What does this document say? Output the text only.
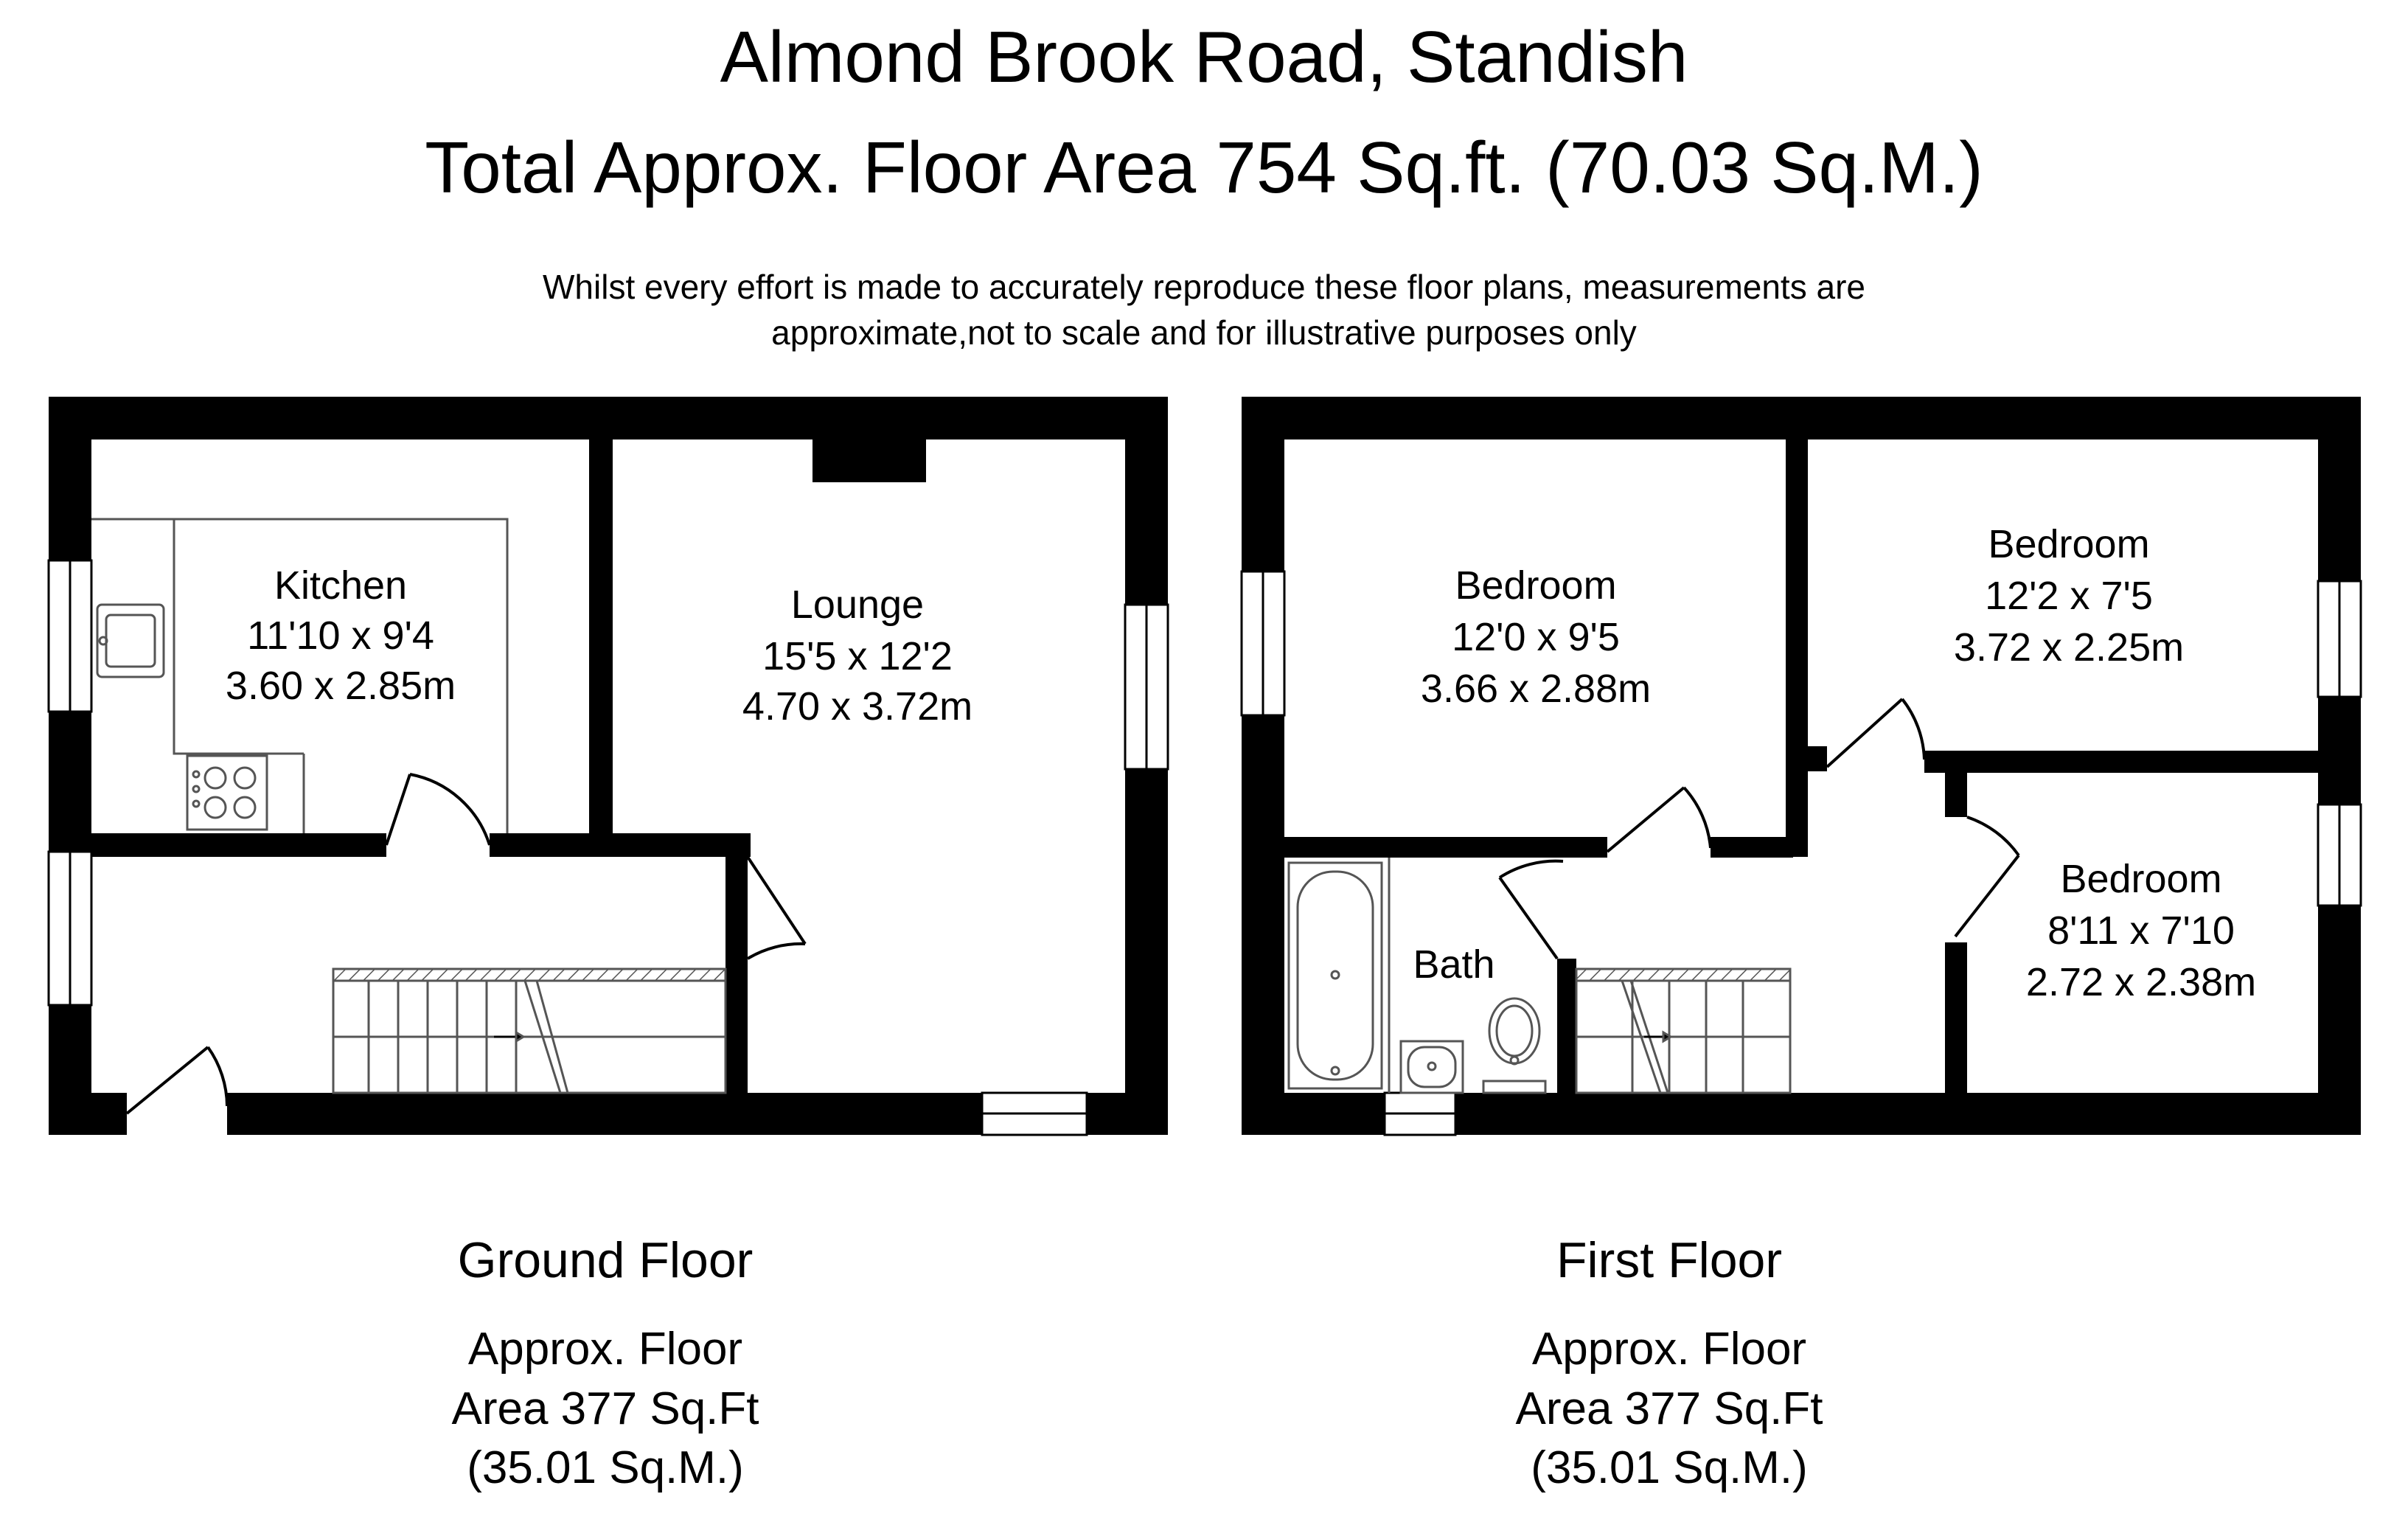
Almond Brook Road, Standish
Total Approx. Floor Area 754 Sq.ft. (70.03 Sq.M.)
Whilst every effort is made to accurately reproduce these floor plans, measurements are
approximate,not to scale and for illustrative purposes only
Kitchen
11'10 x 9'4
3.60 x 2.85m
Lounge
15'5 x 12'2
4.70 x 3.72m
Bedroom
12'0 x 9'5
3.66 x 2.88m
Bedroom
12'2 x 7'5
3.72 x 2.25m
Bedroom
8'11 x 7'10
2.72 x 2.38m
Bath
Ground Floor
Approx. Floor
Area 377 Sq.Ft
(35.01 Sq.M.)
First Floor
Approx. Floor
Area 377 Sq.Ft
(35.01 Sq.M.)
